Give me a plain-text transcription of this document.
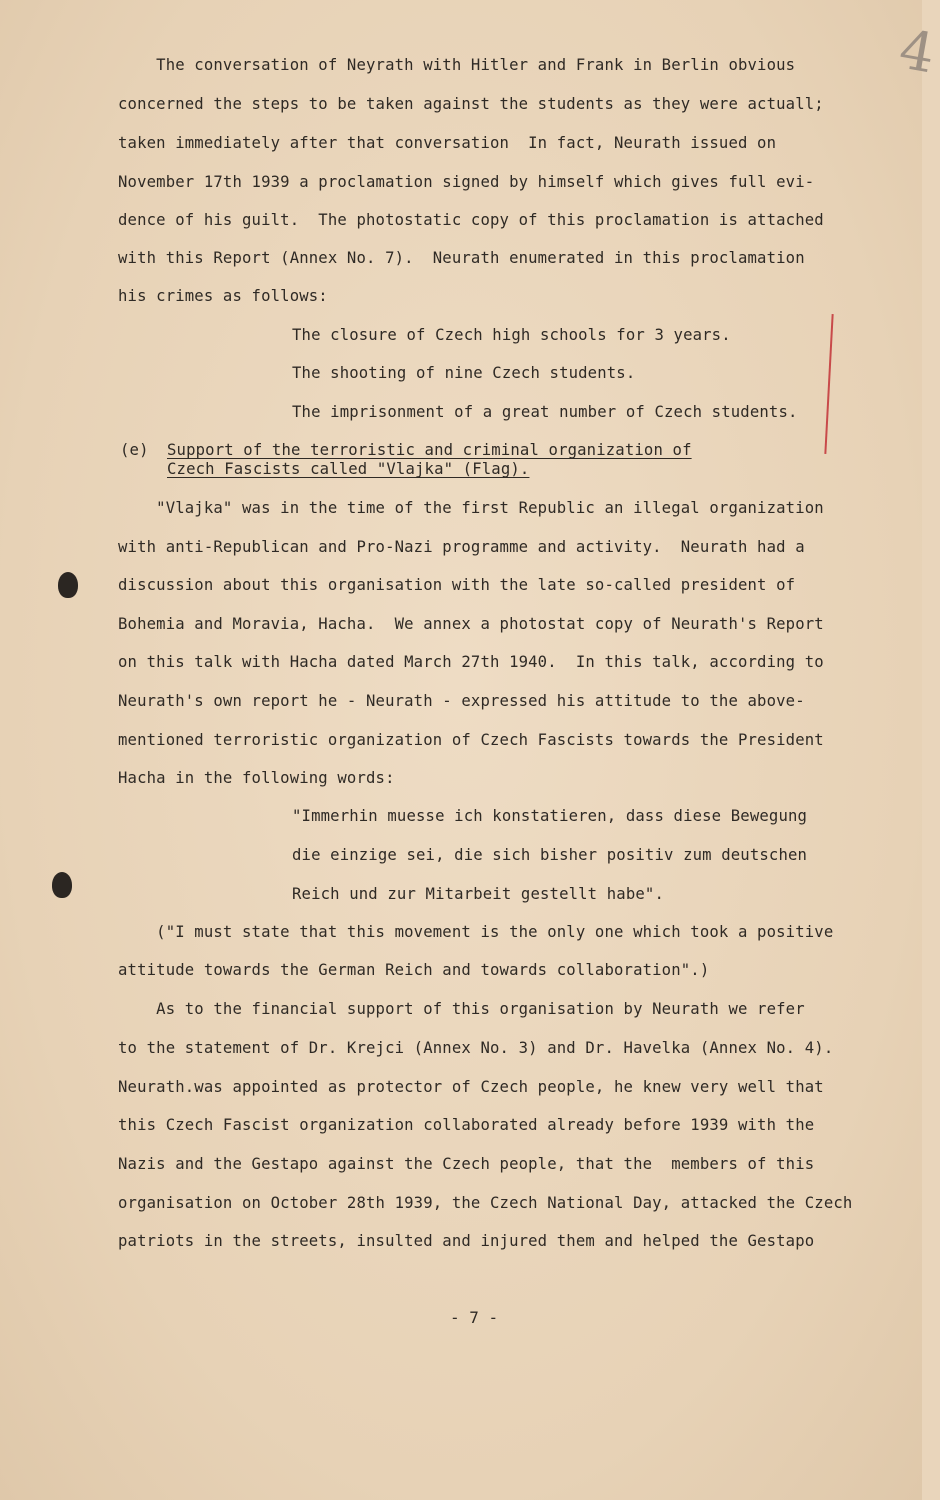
4
The conversation of Neyrath with Hitler and Frank in Berlin obvious
concerned the steps to be taken against the students as they were actuall;
taken immediately after that conversation  In fact, Neurath issued on
November 17th 1939 a proclamation signed by himself which gives full evi-
dence of his guilt.  The photostatic copy of this proclamation is attached
with this Report (Annex No. 7).  Neurath enumerated in this proclamation
his crimes as follows:
The closure of Czech high schools for 3 years.
The shooting of nine Czech students.
The imprisonment of a great number of Czech students.
(e) Support of the terroristic and criminal organization of
Czech Fascists called "Vlajka" (Flag).
"Vlajka" was in the time of the first Republic an illegal organization
with anti-Republican and Pro-Nazi programme and activity.  Neurath had a
discussion about this organisation with the late so-called president of
Bohemia and Moravia, Hacha.  We annex a photostat copy of Neurath's Report
on this talk with Hacha dated March 27th 1940.  In this talk, according to
Neurath's own report he - Neurath - expressed his attitude to the above-
mentioned terroristic organization of Czech Fascists towards the President
Hacha in the following words:
"Immerhin muesse ich konstatieren, dass diese Bewegung
die einzige sei, die sich bisher positiv zum deutschen
Reich und zur Mitarbeit gestellt habe".
("I must state that this movement is the only one which took a positive
attitude towards the German Reich and towards collaboration".)
As to the financial support of this organisation by Neurath we refer
to the statement of Dr. Krejci (Annex No. 3) and Dr. Havelka (Annex No. 4).
Neurath.was appointed as protector of Czech people, he knew very well that
this Czech Fascist organization collaborated already before 1939 with the
Nazis and the Gestapo against the Czech people, that the  members of this
organisation on October 28th 1939, the Czech National Day, attacked the Czech
patriots in the streets, insulted and injured them and helped the Gestapo
- 7 -
